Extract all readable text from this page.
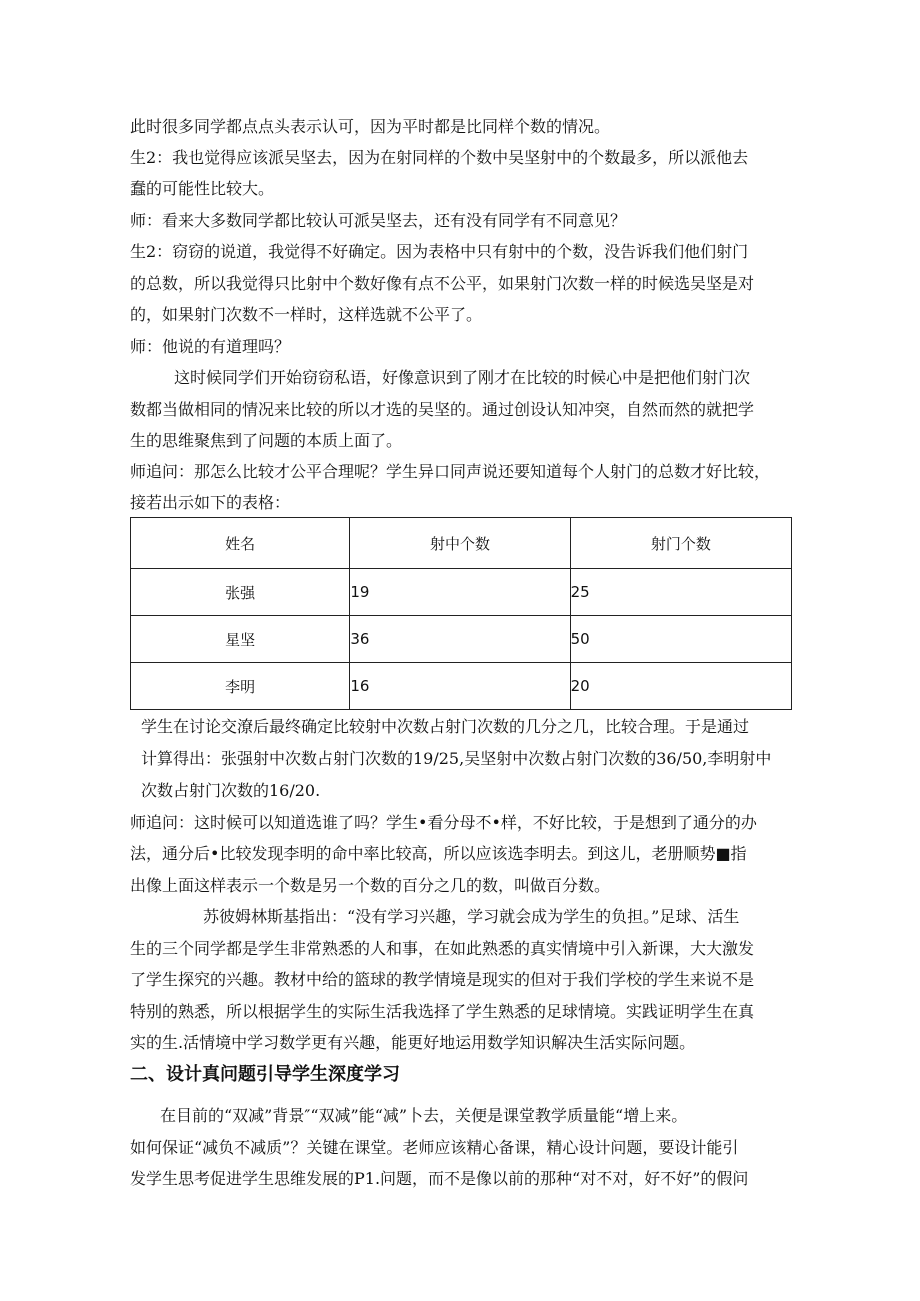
此时很多同学都点点头表示认可，因为平时都是比同样个数的情况。
生2：我也觉得应该派吴坚去，因为在射同样的个数中吴坚射中的个数最多，所以派他去
蠢的可能性比较大。
师：看来大多数同学都比较认可派吴坚去，还有没有同学有不同意见？
生2：窃窃的说道，我觉得不好确定。因为表格中只有射中的个数，没告诉我们他们射门
的总数，所以我觉得只比射中个数好像有点不公平，如果射门次数一样的时候选吴坚是对
的，如果射门次数不一样时，这样选就不公平了。
师：他说的有道理吗？
这时候同学们开始窃窃私语，好像意识到了刚才在比较的时候心中是把他们射门次
数都当做相同的情况来比较的所以才选的吴坚的。通过创设认知冲突，自然而然的就把学
生的思维聚焦到了问题的本质上面了。
师追问：那怎么比较才公平合理呢？学生异口同声说还要知道每个人射门的总数才好比较，
接若出示如下的表格：
姓名	射中个数	射门个数
张强	19	25
星坚	36	50
李明	16	20
学生在讨论交潦后最终确定比较射中次数占射门次数的几分之几，比较合理。于是通过
计算得出：张强射中次数占射门次数的19/25,吴坚射中次数占射门次数的36/50,李明射中
次数占射门次数的16/20.
师追问：这时候可以知道选谁了吗？学生•看分母不•样，不好比较，于是想到了通分的办
法，通分后•比较发现李明的命中率比较高，所以应该选李明去。到这儿，老册顺势■指
出像上面这样表示一个数是另一个数的百分之几的数，叫做百分数。
苏彼姆林斯基指出：“没有学习兴趣，学习就会成为学生的负担。”足球、活生
生的三个同学都是学生非常熟悉的人和事，在如此熟悉的真实情境中引入新课，大大激发
了学生探究的兴趣。教材中给的篮球的教学情境是现实的但对于我们学校的学生来说不是
特别的熟悉，所以根据学生的实际生活我选择了学生熟悉的足球情境。实践证明学生在真
实的生.活情境中学习数学更有兴趣，能更好地运用数学知识解决生活实际问题。
二、设计真问题引导学生深度学习
在目前的“双减”背景″“双减”能“减”卜去，关便是课堂教学质量能“增上来。
如何保证“减负不减质”？关键在课堂。老师应该精心备课，精心设计问题，要设计能引
发学生思考促进学生思维发展的P1.问题，而不是像以前的那种“对不对，好不好”的假问
